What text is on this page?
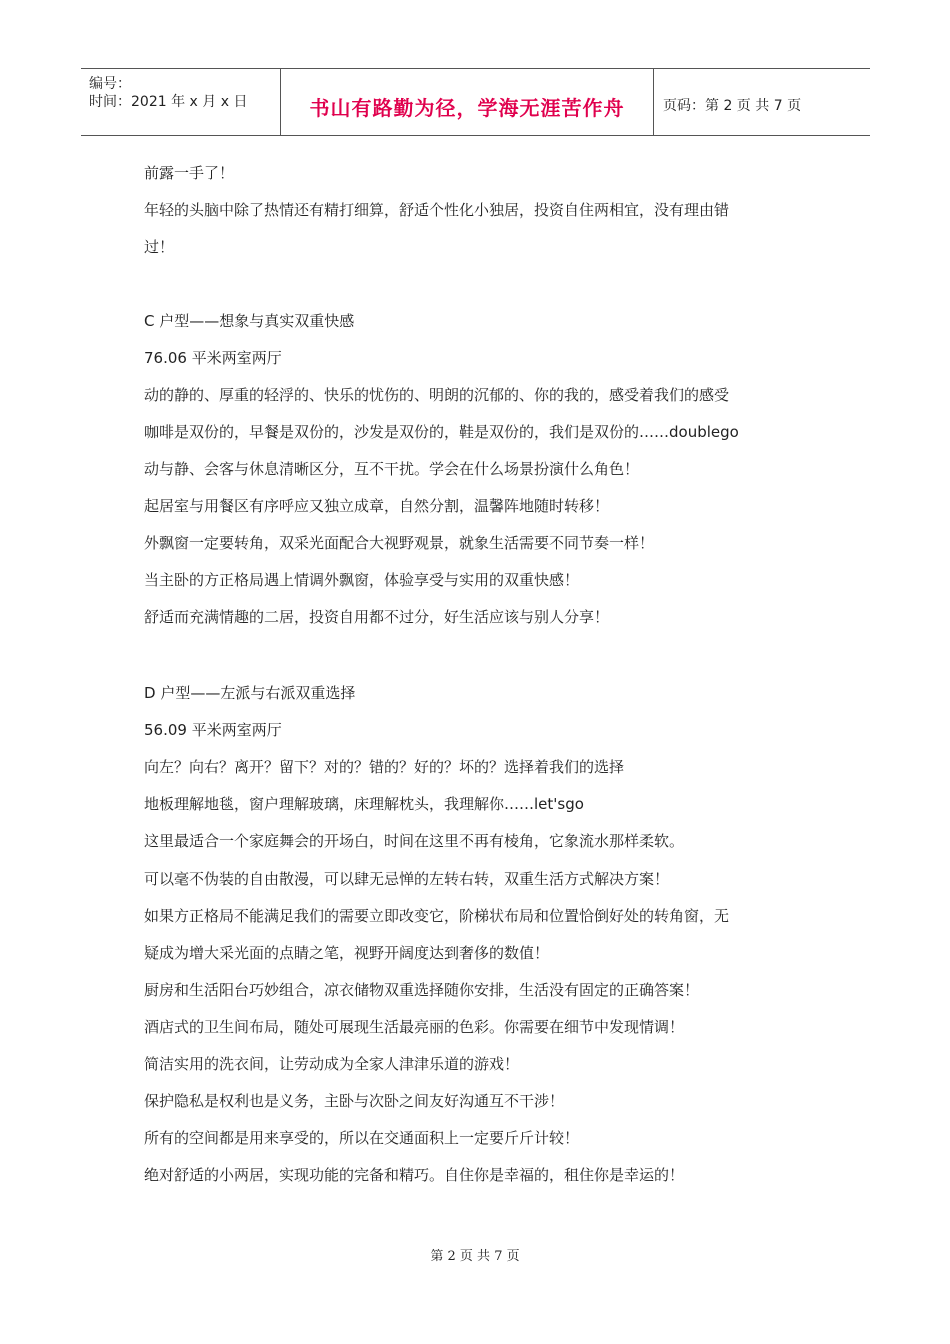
编号：
时间：2021 年 x 月 x 日	书山有路勤为径，学海无涯苦作舟	页码：第 2 页 共 7 页
前露一手了！
年轻的头脑中除了热情还有精打细算，舒适个性化小独居，投资自住两相宜，没有理由错
过！
C 户型——想象与真实双重快感
76.06 平米两室两厅
动的静的、厚重的轻浮的、快乐的忧伤的、明朗的沉郁的、你的我的，感受着我们的感受
咖啡是双份的，早餐是双份的，沙发是双份的，鞋是双份的，我们是双份的……doublego
动与静、会客与休息清晰区分，互不干扰。学会在什么场景扮演什么角色！
起居室与用餐区有序呼应又独立成章，自然分割，温馨阵地随时转移！
外飘窗一定要转角，双采光面配合大视野观景，就象生活需要不同节奏一样！
当主卧的方正格局遇上情调外飘窗，体验享受与实用的双重快感！
舒适而充满情趣的二居，投资自用都不过分，好生活应该与别人分享！
D 户型——左派与右派双重选择
56.09 平米两室两厅
向左？向右？离开？留下？对的？错的？好的？坏的？选择着我们的选择
地板理解地毯，窗户理解玻璃，床理解枕头，我理解你……let'sgo
这里最适合一个家庭舞会的开场白，时间在这里不再有棱角，它象流水那样柔软。
可以毫不伪装的自由散漫，可以肆无忌惮的左转右转，双重生活方式解决方案！
如果方正格局不能满足我们的需要立即改变它，阶梯状布局和位置恰倒好处的转角窗，无
疑成为增大采光面的点睛之笔，视野开阔度达到奢侈的数值！
厨房和生活阳台巧妙组合，凉衣储物双重选择随你安排，生活没有固定的正确答案！
酒店式的卫生间布局，随处可展现生活最亮丽的色彩。你需要在细节中发现情调！
简洁实用的洗衣间，让劳动成为全家人津津乐道的游戏！
保护隐私是权利也是义务，主卧与次卧之间友好沟通互不干涉！
所有的空间都是用来享受的，所以在交通面积上一定要斤斤计较！
绝对舒适的小两居，实现功能的完备和精巧。自住你是幸福的，租住你是幸运的！
第 2 页 共 7 页
